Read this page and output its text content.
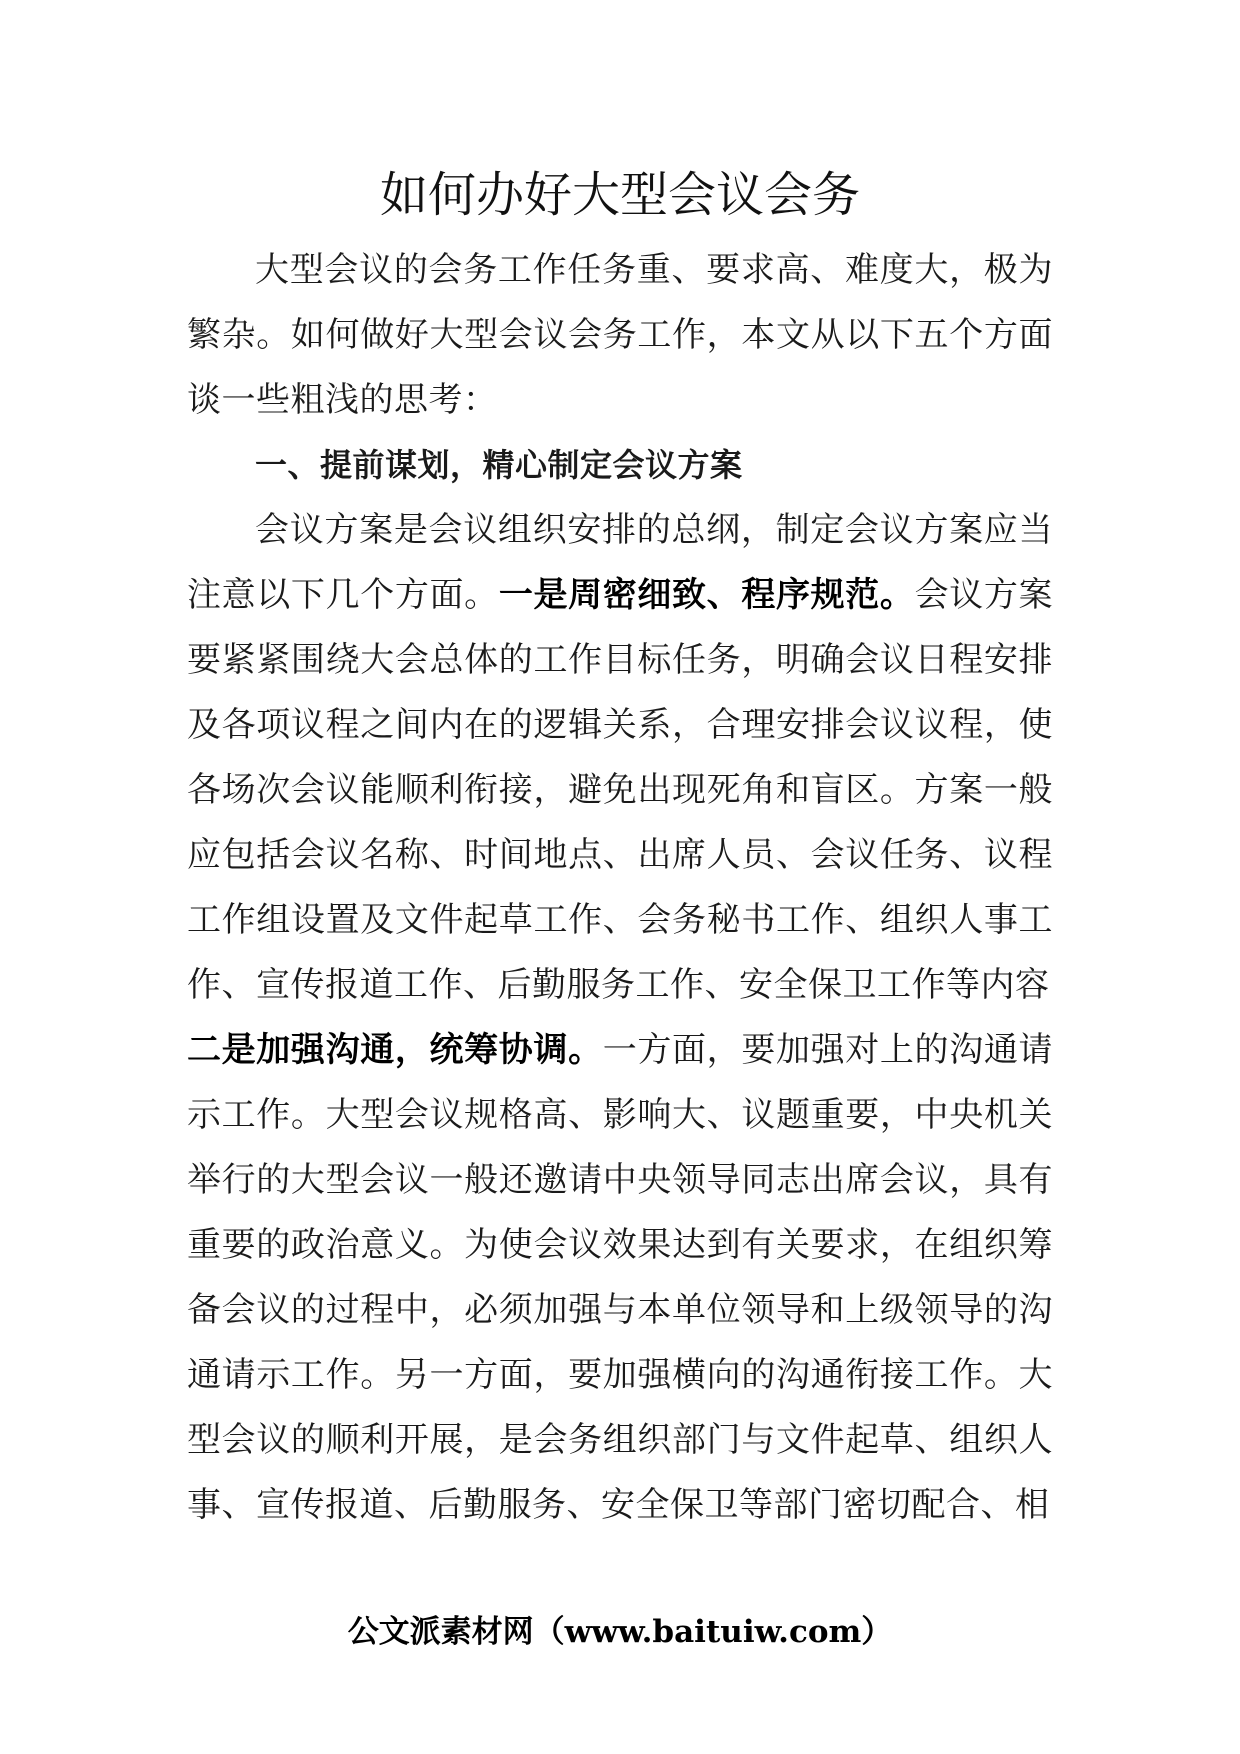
如何办好大型会议会务

大型会议的会务工作任务重、要求高、难度大，极为繁杂。如何做好大型会议会务工作，本文从以下五个方面谈一些粗浅的思考：

一、提前谋划，精心制定会议方案

会议方案是会议组织安排的总纲，制定会议方案应当注意以下几个方面。一是周密细致、程序规范。会议方案要紧紧围绕大会总体的工作目标任务，明确会议日程安排及各项议程之间内在的逻辑关系，合理安排会议议程，使各场次会议能顺利衔接，避免出现死角和盲区。方案一般应包括会议名称、时间地点、出席人员、会议任务、议程工作组设置及文件起草工作、会务秘书工作、组织人事工作、宣传报道工作、后勤服务工作、安全保卫工作等内容

二是加强沟通，统筹协调。一方面，要加强对上的沟通请示工作。大型会议规格高、影响大、议题重要，中央机关举行的大型会议一般还邀请中央领导同志出席会议，具有重要的政治意义。为使会议效果达到有关要求，在组织筹备会议的过程中，必须加强与本单位领导和上级领导的沟通请示工作。另一方面，要加强横向的沟通衔接工作。大型会议的顺利开展，是会务组织部门与文件起草、组织人事、宣传报道、后勤服务、安全保卫等部门密切配合、相

公文派素材网（www.baituiw.com）
